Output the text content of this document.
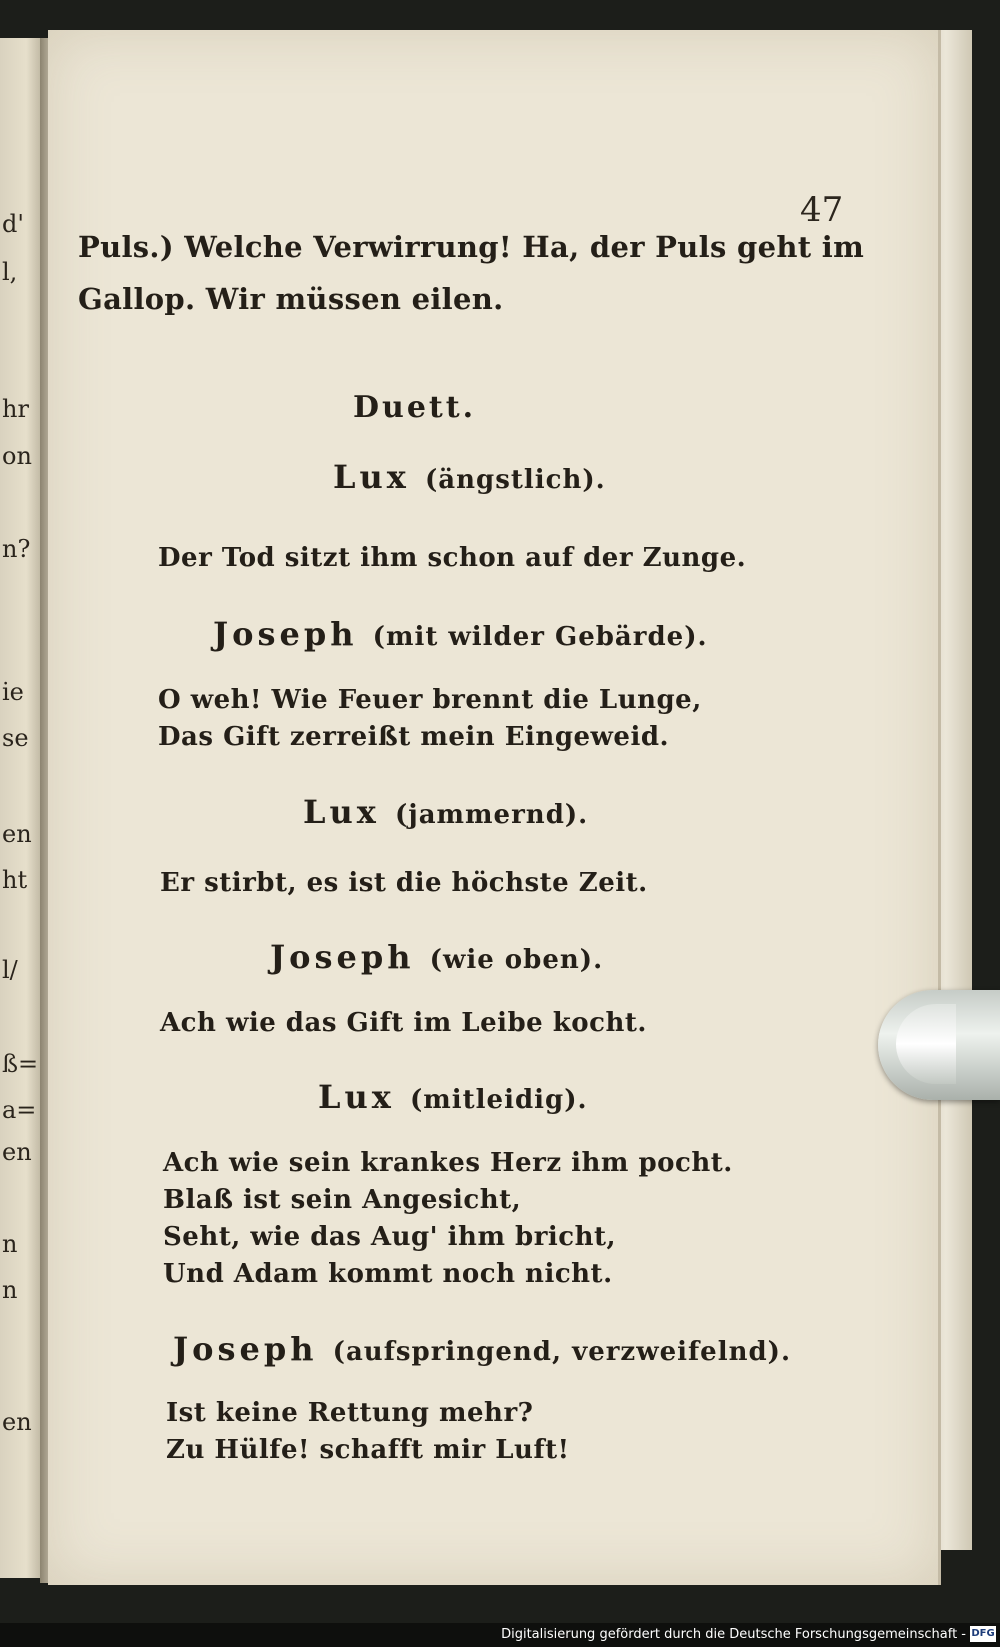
d'
l,
hr
on
n?
ie
se
en
ht
l/
ß=
a=
en
n
n
en
47
Puls.) Welche Verwirrung! Ha, der Puls geht im
Gallop. Wir müssen eilen.
Duett.
Lux (ängstlich).
Der Tod sitzt ihm schon auf der Zunge.
Joseph (mit wilder Gebärde).
O weh! Wie Feuer brennt die Lunge,
Das Gift zerreißt mein Eingeweid.
Lux (jammernd).
Er stirbt, es ist die höchste Zeit.
Joseph (wie oben).
Ach wie das Gift im Leibe kocht.
Lux (mitleidig).
Ach wie sein krankes Herz ihm pocht.
Blaß ist sein Angesicht,
Seht, wie das Aug' ihm bricht,
Und Adam kommt noch nicht.
Joseph (aufspringend, verzweifelnd).
Ist keine Rettung mehr?
Zu Hülfe! schafft mir Luft!
Digitalisierung gefördert durch die Deutsche Forschungsgemeinschaft - DFG
